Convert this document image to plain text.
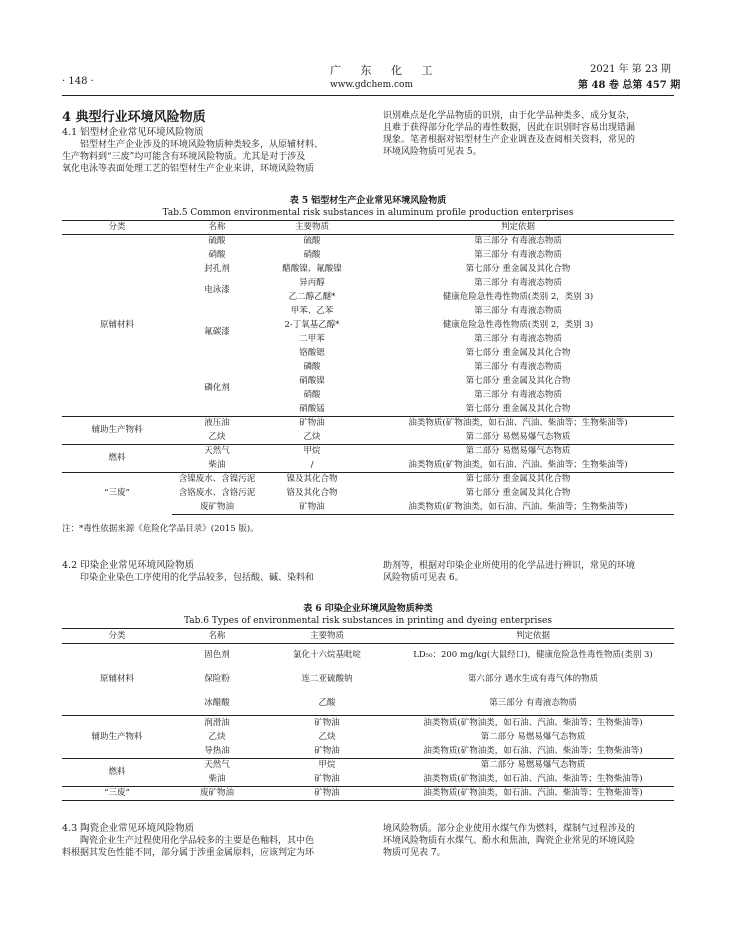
· 148 ·
广 东 化 工
www.gdchem.com
2021 年 第 23 期
第 48 卷 总第 457 期
4 典型行业环境风险物质
4.1 铝型材企业常见环境风险物质
铝型材生产企业涉及的环境风险物质种类较多，从原辅材料、
生产物料到“三废”均可能含有环境风险物质。尤其是对于涉及
氧化电泳等表面处理工艺的铝型材生产企业来讲，环境风险物质
识别难点是化学品物质的识别，由于化学品种类多、成分复杂，
且难于获得部分化学品的毒性数据，因此在识别时容易出现错漏
现象。笔者根据对铝型材生产企业调查及查阅相关资料，常见的
环境风险物质可见表 5。
表 5 铝型材生产企业常见环境风险物质
Tab.5 Common environmental risk substances in aluminum profile production enterprises
分类	名称	主要物质	判定依据
原辅材料	硫酸	硫酸	第三部分 有毒液态物质
	硝酸	硝酸	第三部分 有毒液态物质
	封孔剂	醋酸镍、氟酸镍	第七部分 重金属及其化合物
	电泳漆	异丙醇	第三部分 有毒液态物质
		乙二醇乙醚*	健康危险急性毒性物质(类别 2，类别 3)
	氟碳漆	甲苯、乙苯	第三部分 有毒液态物质
		2-丁氧基乙醇*	健康危险急性毒性物质(类别 2，类别 3)
		二甲苯	第三部分 有毒液态物质
		铬酸锶	第七部分 重金属及其化合物
	磷化剂	磷酸	第三部分 有毒液态物质
		硝酸镍	第七部分 重金属及其化合物
		硝酸	第三部分 有毒液态物质
		硝酸锰	第七部分 重金属及其化合物
辅助生产物料	液压油	矿物油	油类物质(矿物油类，如石油、汽油、柴油等；生物柴油等)
	乙炔	乙炔	第二部分 易燃易爆气态物质
燃料	天然气	甲烷	第二部分 易燃易爆气态物质
	柴油	/	油类物质(矿物油类，如石油、汽油、柴油等；生物柴油等)
“三废”	含镍废水、含镍污泥	镍及其化合物	第七部分 重金属及其化合物
	含铬废水、含铬污泥	铬及其化合物	第七部分 重金属及其化合物
	废矿物油	矿物油	油类物质(矿物油类，如石油、汽油、柴油等；生物柴油等)
注：*毒性依据来源《危险化学品目录》(2015 版)。
4.2 印染企业常见环境风险物质
印染企业染色工序使用的化学品较多，包括酸、碱、染料和
助剂等，根据对印染企业所使用的化学品进行辨识，常见的环境
风险物质可见表 6。
表 6 印染企业环境风险物质种类
Tab.6 Types of environmental risk substances in printing and dyeing enterprises
分类	名称	主要物质	判定依据
原辅材料	固色剂	氯化十六烷基吡啶	LD₅₀：200 mg/kg(大鼠经口)，健康危险急性毒性物质(类别 3)
	保险粉	连二亚硫酸钠	第六部分 遇水生成有毒气体的物质
	冰醋酸	乙酸	第三部分 有毒液态物质
辅助生产物料	润滑油	矿物油	油类物质(矿物油类，如石油、汽油、柴油等；生物柴油等)
	乙炔	乙炔	第二部分 易燃易爆气态物质
	导热油	矿物油	油类物质(矿物油类，如石油、汽油、柴油等；生物柴油等)
燃料	天然气	甲烷	第二部分 易燃易爆气态物质
	柴油	矿物油	油类物质(矿物油类，如石油、汽油、柴油等；生物柴油等)
“三废”	废矿物油	矿物油	油类物质(矿物油类，如石油、汽油、柴油等；生物柴油等)
4.3 陶瓷企业常见环境风险物质
陶瓷企业生产过程使用化学品较多的主要是色釉料，其中色
料根据其发色性能不同，部分属于涉重金属原料，应该判定为环
境风险物质。部分企业使用水煤气作为燃料，煤制气过程涉及的
环境风险物质有水煤气、酚水和焦油，陶瓷企业常见的环境风险
物质可见表 7。
